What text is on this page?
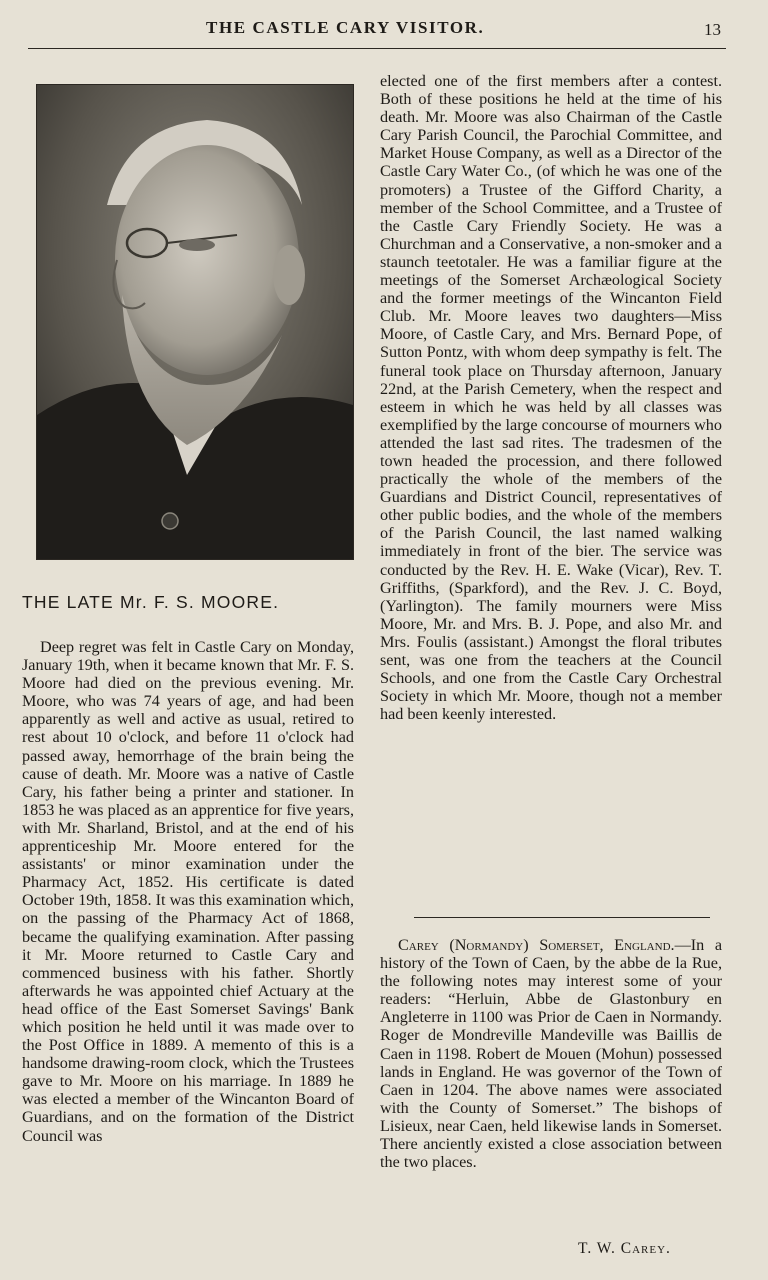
THE CASTLE CARY VISITOR.	13
THE LATE Mr. F. S. MOORE.

Deep regret was felt in Castle Cary on Monday, January 19th, when it became known that Mr. F. S. Moore had died on the previous evening. Mr. Moore, who was 74 years of age, and had been apparently as well and active as usual, retired to rest about 10 o'clock, and before 11 o'clock had passed away, hemorrhage of the brain being the cause of death. Mr. Moore was a native of Castle Cary, his father being a printer and stationer. In 1853 he was placed as an apprentice for five years, with Mr. Sharland, Bristol, and at the end of his apprenticeship Mr. Moore entered for the assistants' or minor examination under the Pharmacy Act, 1852. His certificate is dated October 19th, 1858. It was this examination which, on the passing of the Pharmacy Act of 1868, became the qualifying examination. After passing it Mr. Moore returned to Castle Cary and commenced business with his father. Shortly afterwards he was appointed chief Actuary at the head office of the East Somerset Savings' Bank which position he held until it was made over to the Post Office in 1889. A memento of this is a handsome drawing-room clock, which the Trustees gave to Mr. Moore on his marriage. In 1889 he was elected a member of the Wincanton Board of Guardians, and on the formation of the District Council was

elected one of the first members after a contest. Both of these positions he held at the time of his death. Mr. Moore was also Chairman of the Castle Cary Parish Council, the Parochial Committee, and Market House Company, as well as a Director of the Castle Cary Water Co., (of which he was one of the promoters) a Trustee of the Gifford Charity, a member of the School Committee, and a Trustee of the Castle Cary Friendly Society. He was a Churchman and a Conservative, a non-smoker and a staunch teetotaler. He was a familiar figure at the meetings of the Somerset Archæological Society and the former meetings of the Wincanton Field Club. Mr. Moore leaves two daughters—Miss Moore, of Castle Cary, and Mrs. Bernard Pope, of Sutton Pontz, with whom deep sympathy is felt. The funeral took place on Thursday afternoon, January 22nd, at the Parish Cemetery, when the respect and esteem in which he was held by all classes was exemplified by the large concourse of mourners who attended the last sad rites. The tradesmen of the town headed the procession, and there followed practically the whole of the members of the Guardians and District Council, representatives of other public bodies, and the whole of the members of the Parish Council, the last named walking immediately in front of the bier. The service was conducted by the Rev. H. E. Wake (Vicar), Rev. T. Griffiths, (Sparkford), and the Rev. J. C. Boyd, (Yarlington). The family mourners were Miss Moore, Mr. and Mrs. B. J. Pope, and also Mr. and Mrs. Foulis (assistant.) Amongst the floral tributes sent, was one from the teachers at the Council Schools, and one from the Castle Cary Orchestral Society in which Mr. Moore, though not a member had been keenly interested.

Carey (Normandy) Somerset, England.—In a history of the Town of Caen, by the abbe de la Rue, the following notes may interest some of your readers: “Herluin, Abbe de Glastonbury en Angleterre in 1100 was Prior de Caen in Normandy. Roger de Mondreville Mandeville was Baillis de Caen in 1198. Robert de Mouen (Mohun) possessed lands in England. He was governor of the Town of Caen in 1204. The above names were associated with the County of Somerset.” The bishops of Lisieux, near Caen, held likewise lands in Somerset. There anciently existed a close association between the two places.

T. W. Carey.
